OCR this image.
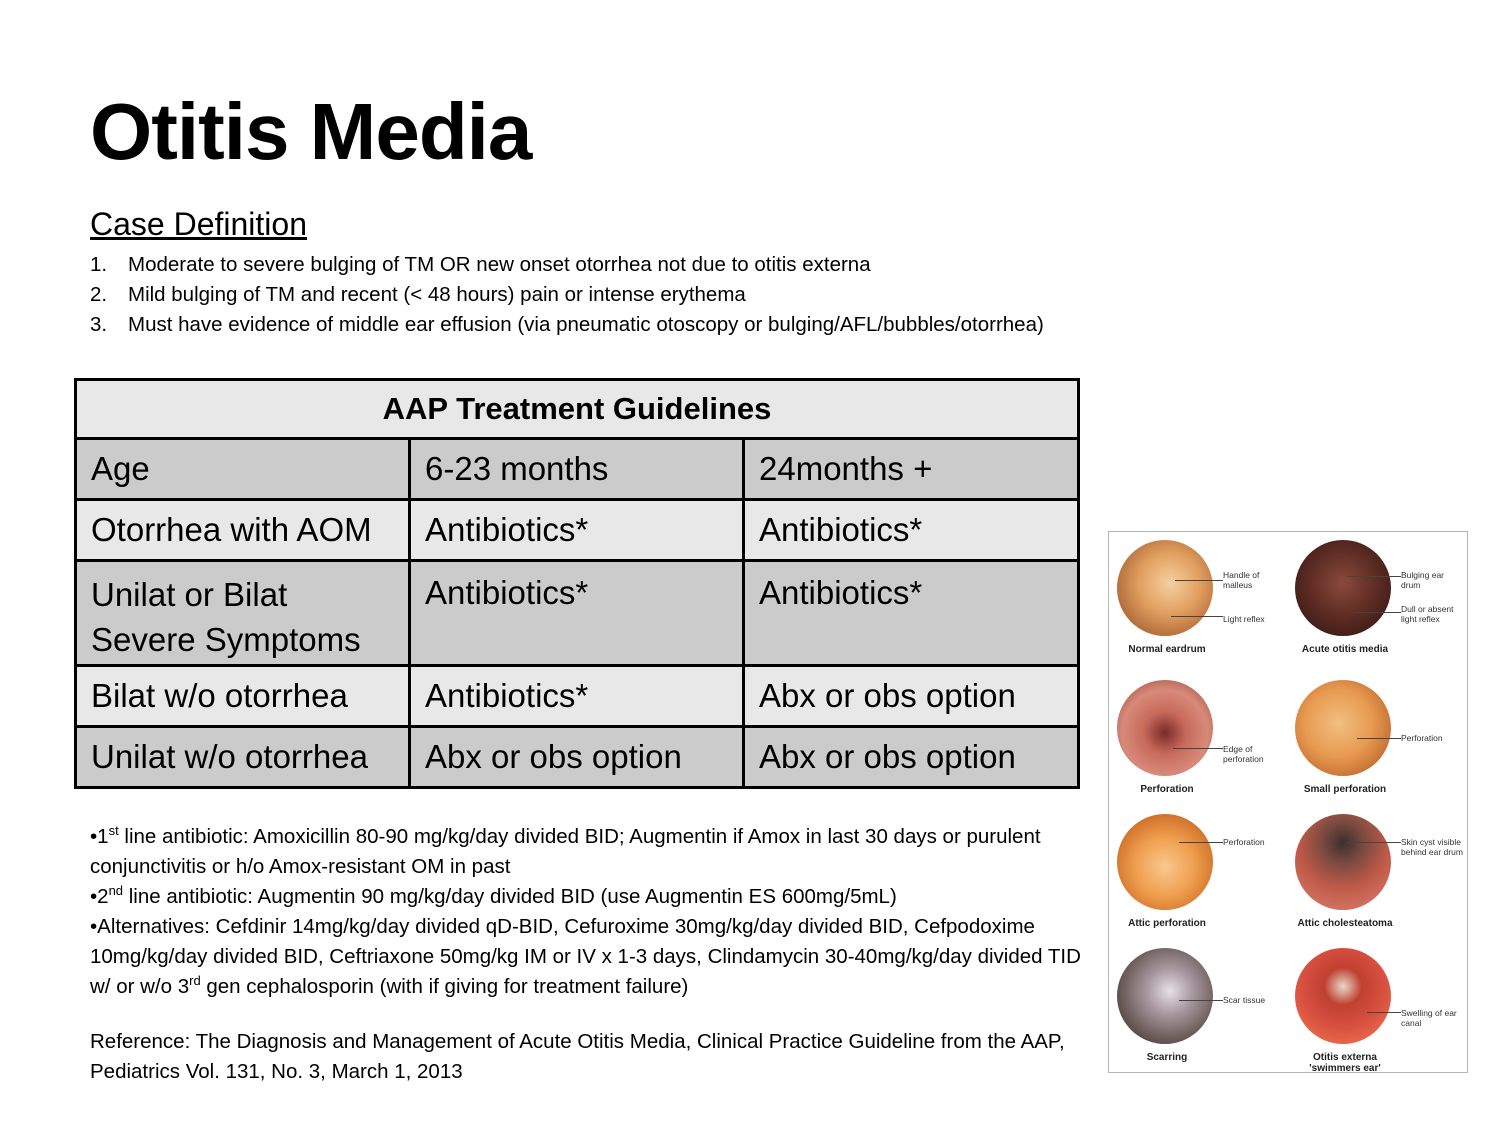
Otitis Media
Case Definition
1.	Moderate to severe bulging of TM OR new onset otorrhea not due to otitis externa
2.	Mild bulging of TM and recent (< 48 hours) pain or intense erythema
3.	Must have evidence of middle ear effusion (via pneumatic otoscopy or bulging/AFL/bubbles/otorrhea)
AAP Treatment Guidelines		
Age	6-23 months	24months +
Otorrhea with AOM	Antibiotics*	Antibiotics*
Unilat or Bilat Severe Symptoms	Antibiotics*	Antibiotics*
Bilat w/o otorrhea	Antibiotics*	Abx or obs option
Unilat w/o otorrhea	Abx or obs option	Abx or obs option

•1st line antibiotic: Amoxicillin 80-90 mg/kg/day divided BID; Augmentin if Amox in last 30 days or purulent conjunctivitis or h/o Amox-resistant OM in past

•2nd line antibiotic: Augmentin 90 mg/kg/day divided BID (use Augmentin ES 600mg/5mL)

•Alternatives: Cefdinir 14mg/kg/day divided qD-BID, Cefuroxime 30mg/kg/day divided BID, Cefpodoxime 10mg/kg/day divided BID, Ceftriaxone 50mg/kg IM or IV x 1-3 days, Clindamycin 30-40mg/kg/day divided TID w/ or w/o 3rd gen cephalosporin (with if giving for treatment failure)

Reference: The Diagnosis and Management of Acute Otitis Media, Clinical Practice Guideline from the AAP, Pediatrics Vol. 131, No. 3, March 1, 2013

Handle of malleus
Light reflex
Normal eardrum
Bulging ear drum
Dull or absent light reflex
Acute otitis media
Edge of perforation
Perforation
Perforation
Small perforation
Perforation
Attic perforation
Skin cyst visible behind ear drum
Attic cholesteatoma
Scar tissue
Scarring
Swelling of ear canal
Otitis externa
'swimmers ear'
